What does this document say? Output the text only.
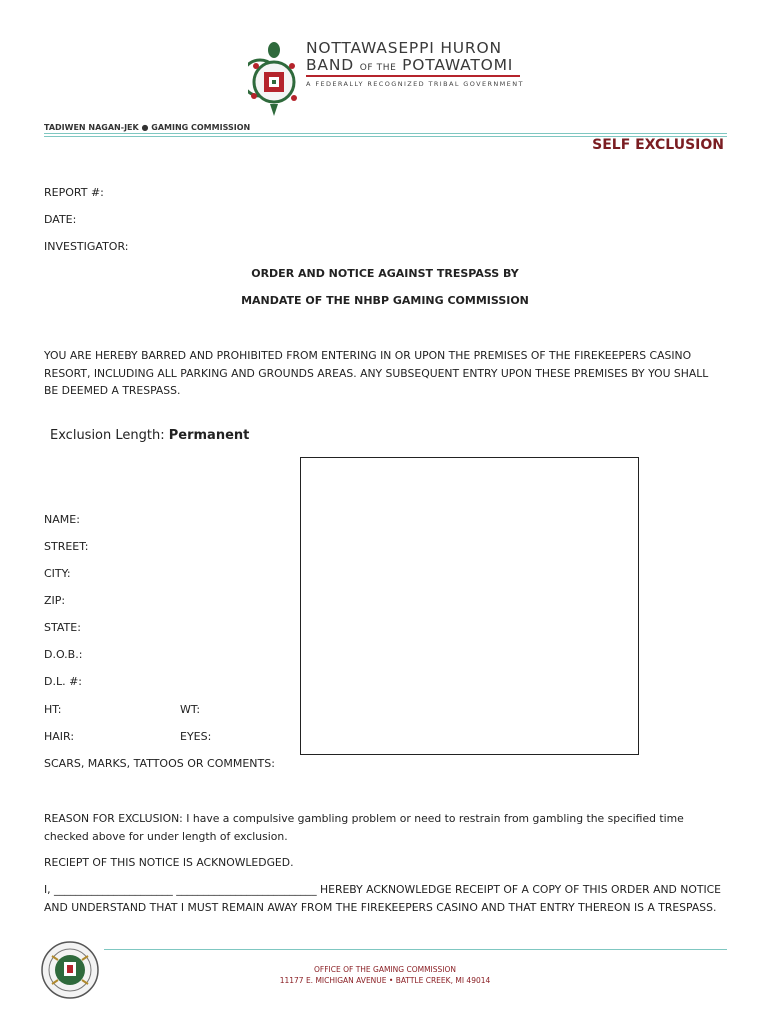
NOTTAWASEPPI HURON
BAND OF THE POTAWATOMI
A FEDERALLY RECOGNIZED TRIBAL GOVERNMENT
TADIWEN NAGAN-JEK ● GAMING COMMISSION
SELF EXCLUSION
REPORT #:
DATE:
INVESTIGATOR:
ORDER AND NOTICE AGAINST TRESPASS BY
MANDATE OF THE NHBP GAMING COMMISSION
YOU ARE HEREBY BARRED AND PROHIBITED FROM ENTERING IN OR UPON THE PREMISES OF THE FIREKEEPERS CASINO RESORT, INCLUDING ALL PARKING AND GROUNDS AREAS. ANY SUBSEQUENT ENTRY UPON THESE PREMISES BY YOU SHALL BE DEEMED A TRESPASS.
Exclusion Length: Permanent
NAME:
STREET:
CITY:
ZIP:
STATE:
D.O.B.:
D.L. #:
HT:	WT:
HAIR:	EYES:
SCARS, MARKS, TATTOOS OR COMMENTS:
REASON FOR EXCLUSION: I have a compulsive gambling problem or need to restrain from gambling the specified time checked above for under length of exclusion.
RECIEPT OF THIS NOTICE IS ACKNOWLEDGED.
I, ______________________ __________________________ HEREBY ACKNOWLEDGE RECEIPT OF A COPY OF THIS ORDER AND NOTICE AND UNDERSTAND THAT I MUST REMAIN AWAY FROM THE FIREKEEPERS CASINO AND THAT ENTRY THEREON IS A TRESPASS.
OFFICE OF THE GAMING COMMISSION
11177 E. MICHIGAN AVENUE • BATTLE CREEK, MI 49014
